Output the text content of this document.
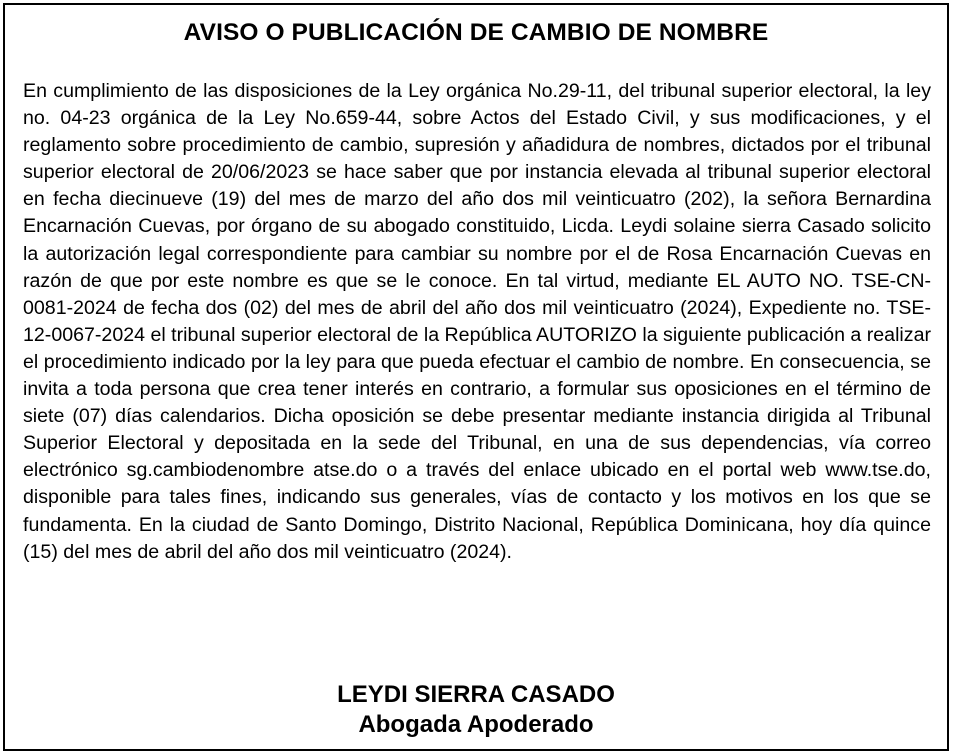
AVISO O PUBLICACIÓN DE CAMBIO DE NOMBRE

En cumplimiento de las disposiciones de la Ley orgánica No.29-11, del tribunal superior electoral, la ley no. 04-23 orgánica de la Ley No.659-44, sobre Actos del Estado Civil, y sus modificaciones, y el reglamento sobre procedimiento de cambio, supresión y añadidura de nombres, dictados por el tribunal superior electoral de 20/06/2023 se hace saber que por instancia elevada al tribunal superior electoral en fecha diecinueve (19) del mes de marzo del año dos mil veinticuatro (202), la señora Bernardina Encarnación Cuevas, por órgano de su abogado constituido, Licda. Leydi solaine sierra Casado solicito la autorización legal correspondiente para cambiar su nombre por el de Rosa Encarnación Cuevas en razón de que por este nombre es que se le conoce. En tal virtud, mediante EL AUTO NO. TSE-CN-0081-2024 de fecha dos (02) del mes de abril del año dos mil veinticuatro (2024), Expediente no. TSE-12-0067-2024 el tribunal superior electoral de la República AUTORIZO la siguiente publicación a realizar el procedimiento indicado por la ley para que pueda efectuar el cambio de nombre. En consecuencia, se invita a toda persona que crea tener interés en contrario, a formular sus oposiciones en el término de siete (07) días calendarios. Dicha oposición se debe presentar mediante instancia dirigida al Tribunal Superior Electoral y depositada en la sede del Tribunal, en una de sus dependencias, vía correo electrónico sg.cambiodenombre atse.do o a través del enlace ubicado en el portal web www.tse.do, disponible para tales fines, indicando sus generales, vías de contacto y los motivos en los que se fundamenta. En la ciudad de Santo Domingo, Distrito Nacional, República Dominicana, hoy día quince (15) del mes de abril del año dos mil veinticuatro (2024).

LEYDI SIERRA CASADO
Abogada Apoderado
